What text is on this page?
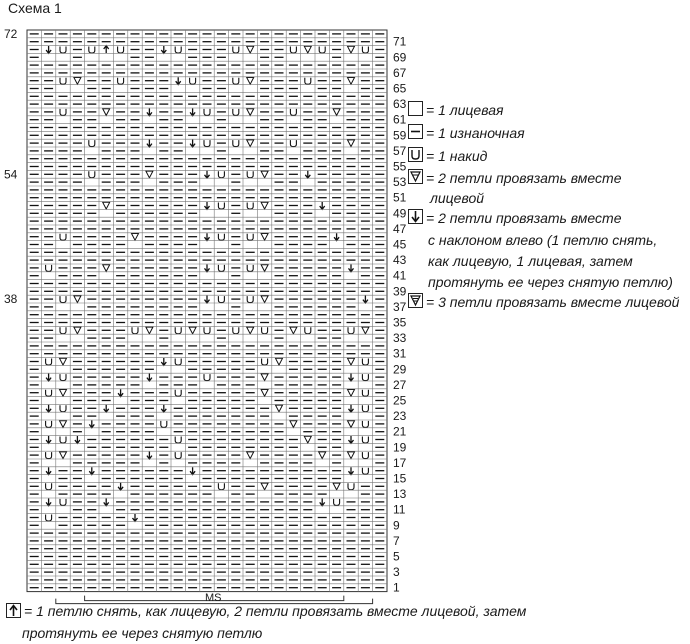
Схема 1
71
69
67
65
63
61
59
57
55
53
51
49
47
45
43
41
39
37
35
33
31
29
27
25
23
21
19
17
15
13
11
9
7
5
3
1
72
54
38
MS
= 1 лицевая
= 1 изнаночная
= 1 накид
= 2 петли провязать вместе
лицевой
= 2 петли провязать вместе
с наклоном влево (1 петлю снять,
как лицевую, 1 лицевая, затем
протянуть ее через снятую петлю)
= 3 петли провязать вместе лицевой
= 1 петлю снять, как лицевую, 2 петли провязать вместе лицевой, затем
протянуть ее через снятую петлю
